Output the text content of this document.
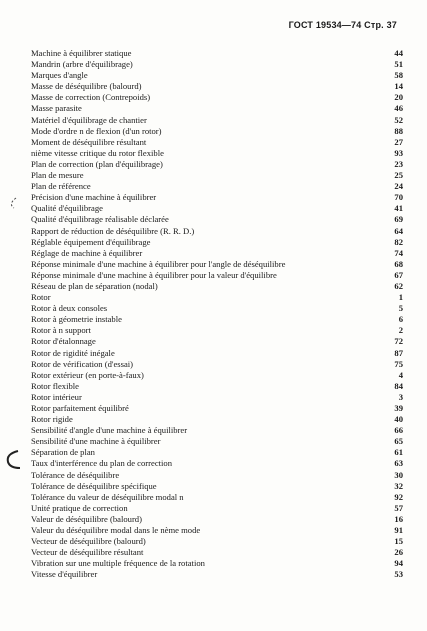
ГОСТ 19534—74 Стр. 37
Machine à équilibrer statique	44
Mandrin (arbre d'équilibrage)	51
Marques d'angle	58
Masse de déséquilibre (balourd)	14
Masse de correction (Contrepoids)	20
Masse parasite	46
Matériel d'équilibrage de chantier	52
Mode d'ordre n de flexion (d'un rotor)	88
Moment de déséquilibre résultant	27
nième vitesse critique du rotor flexible	93
Plan de correction (plan d'équilibrage)	23
Plan de mesure	25
Plan de référence	24
Précision d'une machine à équilibrer	70
Qualité d'équilibrage	41
Qualité d'équilibrage réalisable déclarée	69
Rapport de réduction de déséquilibre (R. R. D.)	64
Réglable équipement d'équilibrage	82
Réglage de machine à équilibrer	74
Réponse minimale d'une machine à équilibrer pour l'angle de déséquilibre	68
Réponse minimale d'une machine à équilibrer pour la valeur d'équilibre	67
Réseau de plan de séparation (nodal)	62
Rotor	1
Rotor à deux consoles	5
Rotor à géometrie instable	6
Rotor à n support	2
Rotor d'étalonnage	72
Rotor de rigidité inégale	87
Rotor de vérification (d'essai)	75
Rotor extérieur (en porte-à-faux)	4
Rotor flexible	84
Rotor intérieur	3
Rotor parfaitement équilibré	39
Rotor rigide	40
Sensibilité d'angle d'une machine à équilibrer	66
Sensibilité d'une machine à équilibrer	65
Séparation de plan	61
Taux d'interférence du plan de correction	63
Tolérance de déséquilibre	30
Tolérance de déséquilibre spécifique	32
Tolérance du valeur de déséquilibre modal n	92
Unité pratique de correction	57
Valeur de déséquilibre (balourd)	16
Valeur du déséquilibre modal dans le nème mode	91
Vecteur de déséquilibre (balourd)	15
Vecteur de déséquilibre résultant	26
Vibration sur une multiple fréquence de la rotation	94
Vitesse d'équilibrer	53
